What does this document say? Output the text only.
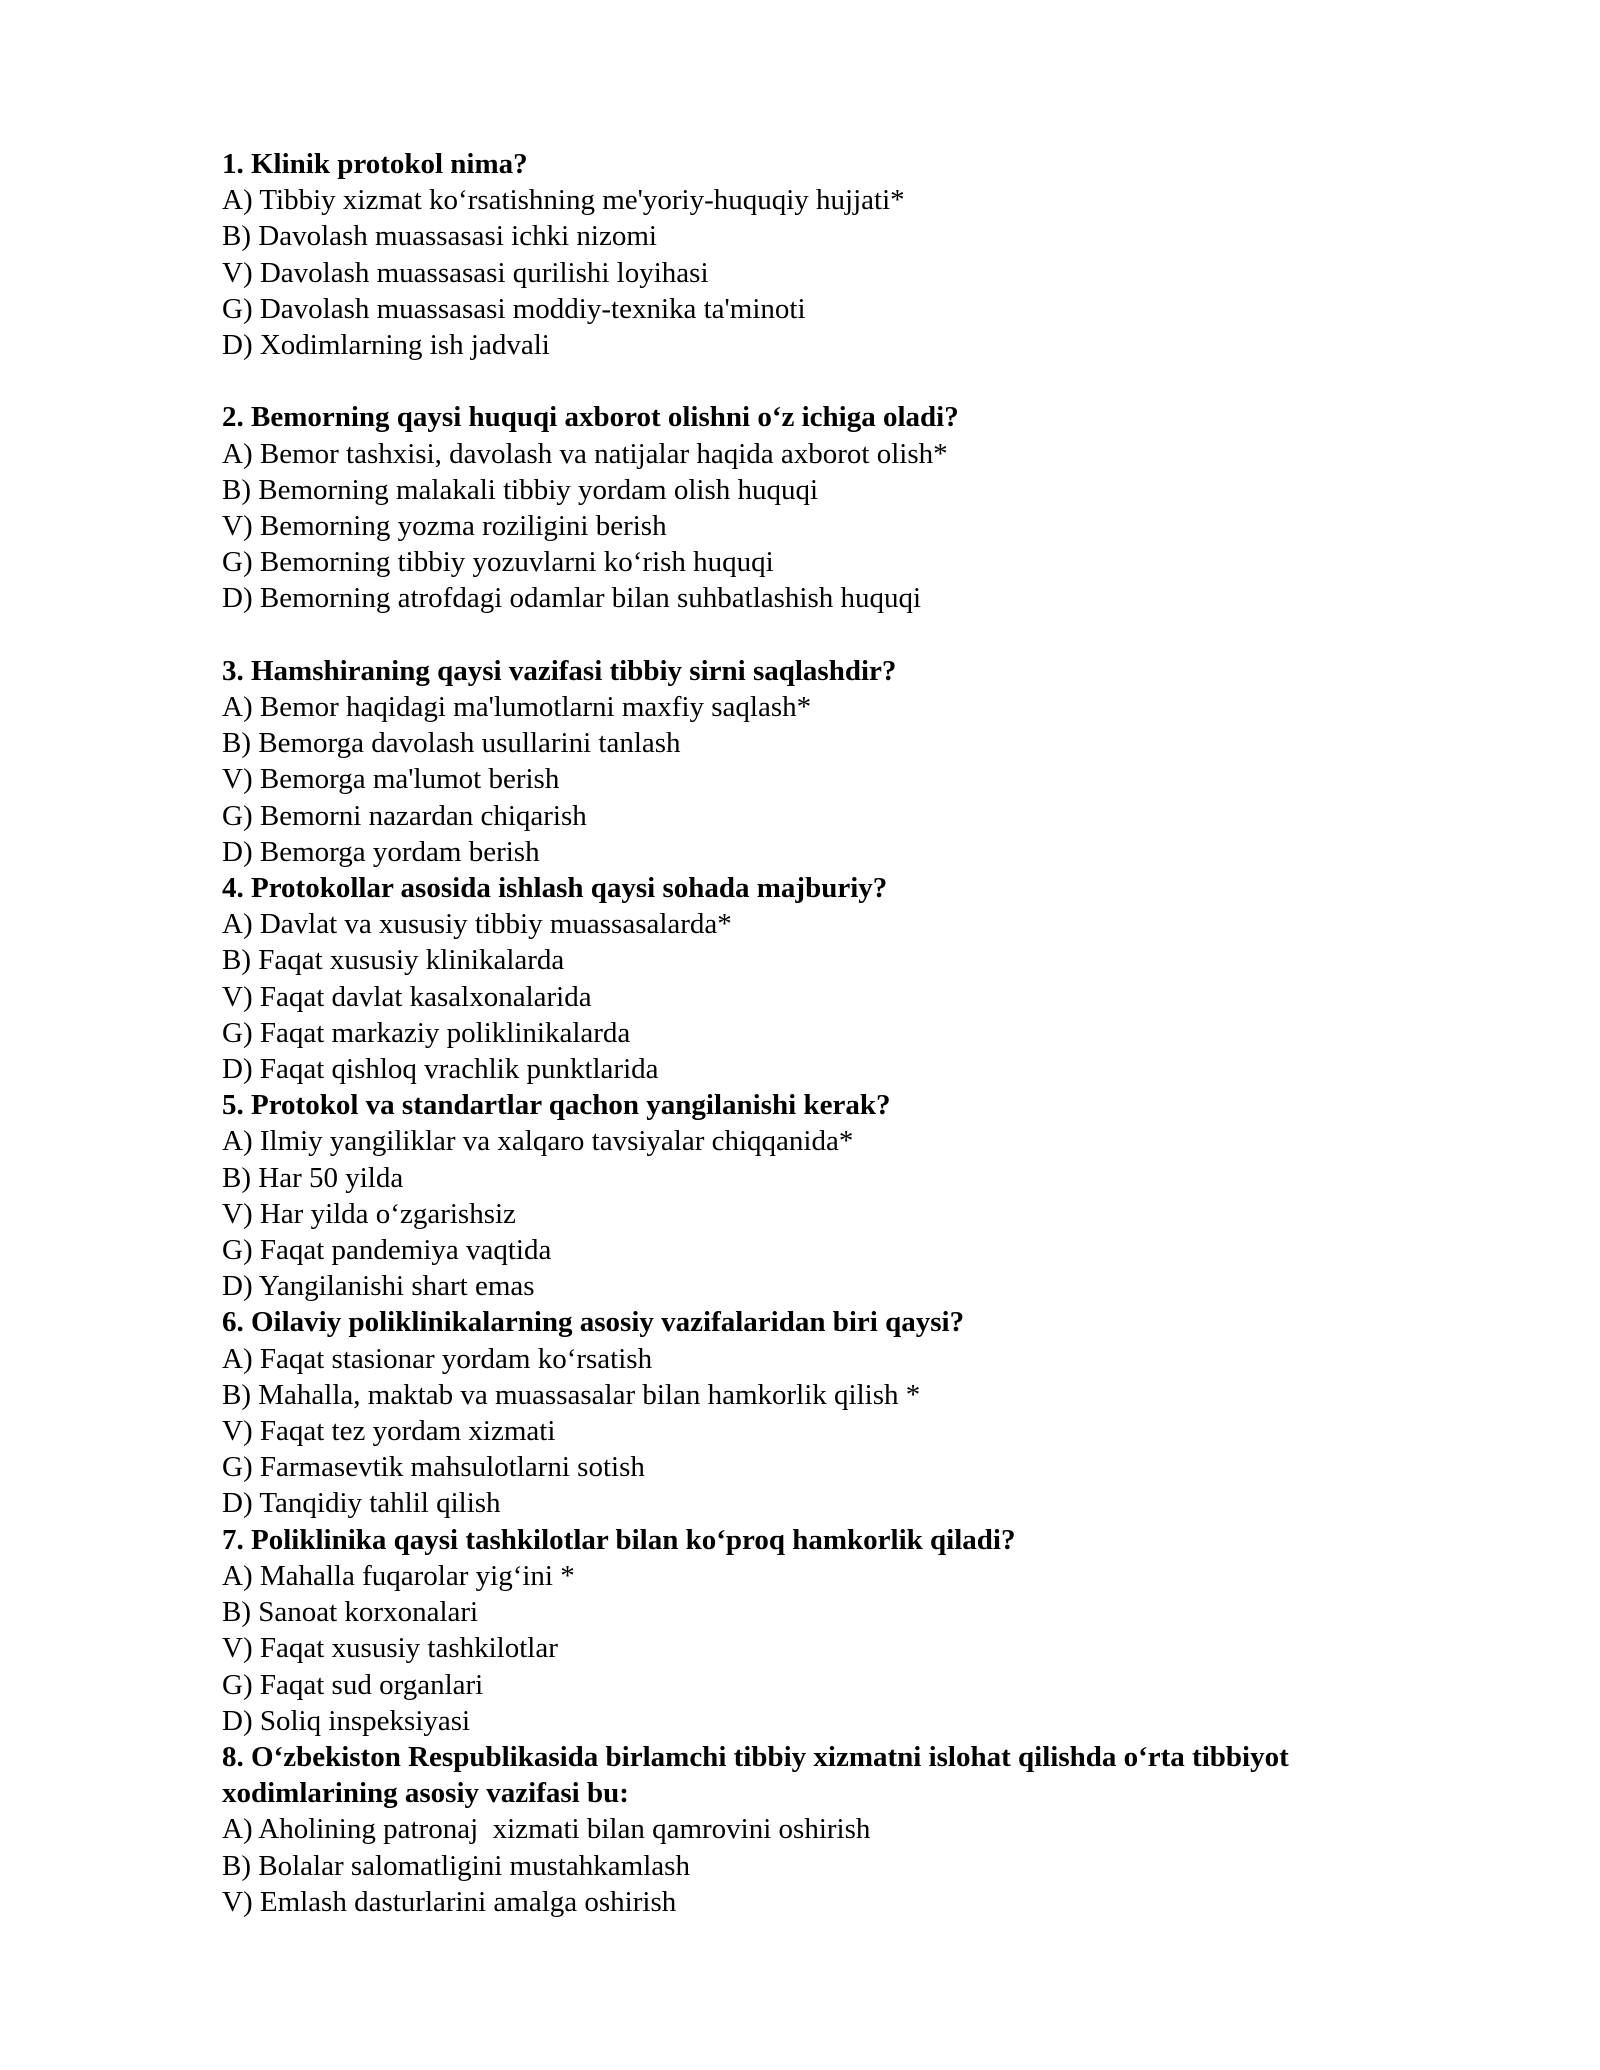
1. Klinik protokol nima?

A) Tibbiy xizmat ko‘rsatishning me'yoriy-huquqiy hujjati*

B) Davolash muassasasi ichki nizomi

V) Davolash muassasasi qurilishi loyihasi

G) Davolash muassasasi moddiy-texnika ta'minoti

D) Xodimlarning ish jadvali

2. Bemorning qaysi huquqi axborot olishni o‘z ichiga oladi?

A) Bemor tashxisi, davolash va natijalar haqida axborot olish*

B) Bemorning malakali tibbiy yordam olish huquqi

V) Bemorning yozma roziligini berish

G) Bemorning tibbiy yozuvlarni ko‘rish huquqi

D) Bemorning atrofdagi odamlar bilan suhbatlashish huquqi

3. Hamshiraning qaysi vazifasi tibbiy sirni saqlashdir?

A) Bemor haqidagi ma'lumotlarni maxfiy saqlash*

B) Bemorga davolash usullarini tanlash

V) Bemorga ma'lumot berish

G) Bemorni nazardan chiqarish

D) Bemorga yordam berish

4. Protokollar asosida ishlash qaysi sohada majburiy?

A) Davlat va xususiy tibbiy muassasalarda*

B) Faqat xususiy klinikalarda

V) Faqat davlat kasalxonalarida

G) Faqat markaziy poliklinikalarda

D) Faqat qishloq vrachlik punktlarida

5. Protokol va standartlar qachon yangilanishi kerak?

A) Ilmiy yangiliklar va xalqaro tavsiyalar chiqqanida*

B) Har 50 yilda

V) Har yilda o‘zgarishsiz

G) Faqat pandemiya vaqtida

D) Yangilanishi shart emas

6. Oilaviy poliklinikalarning asosiy vazifalaridan biri qaysi?

A) Faqat stasionar yordam ko‘rsatish

B) Mahalla, maktab va muassasalar bilan hamkorlik qilish *

V) Faqat tez yordam xizmati

G) Farmasevtik mahsulotlarni sotish

D) Tanqidiy tahlil qilish

7. Poliklinika qaysi tashkilotlar bilan ko‘proq hamkorlik qiladi?

A) Mahalla fuqarolar yig‘ini *

B) Sanoat korxonalari

V) Faqat xususiy tashkilotlar

G) Faqat sud organlari

D) Soliq inspeksiyasi

8. O‘zbekiston Respublikasida birlamchi tibbiy xizmatni islohat qilishda o‘rta tibbiyot

xodimlarining asosiy vazifasi bu:

A) Aholining patronaj  xizmati bilan qamrovini oshirish

B) Bolalar salomatligini mustahkamlash

V) Emlash dasturlarini amalga oshirish
